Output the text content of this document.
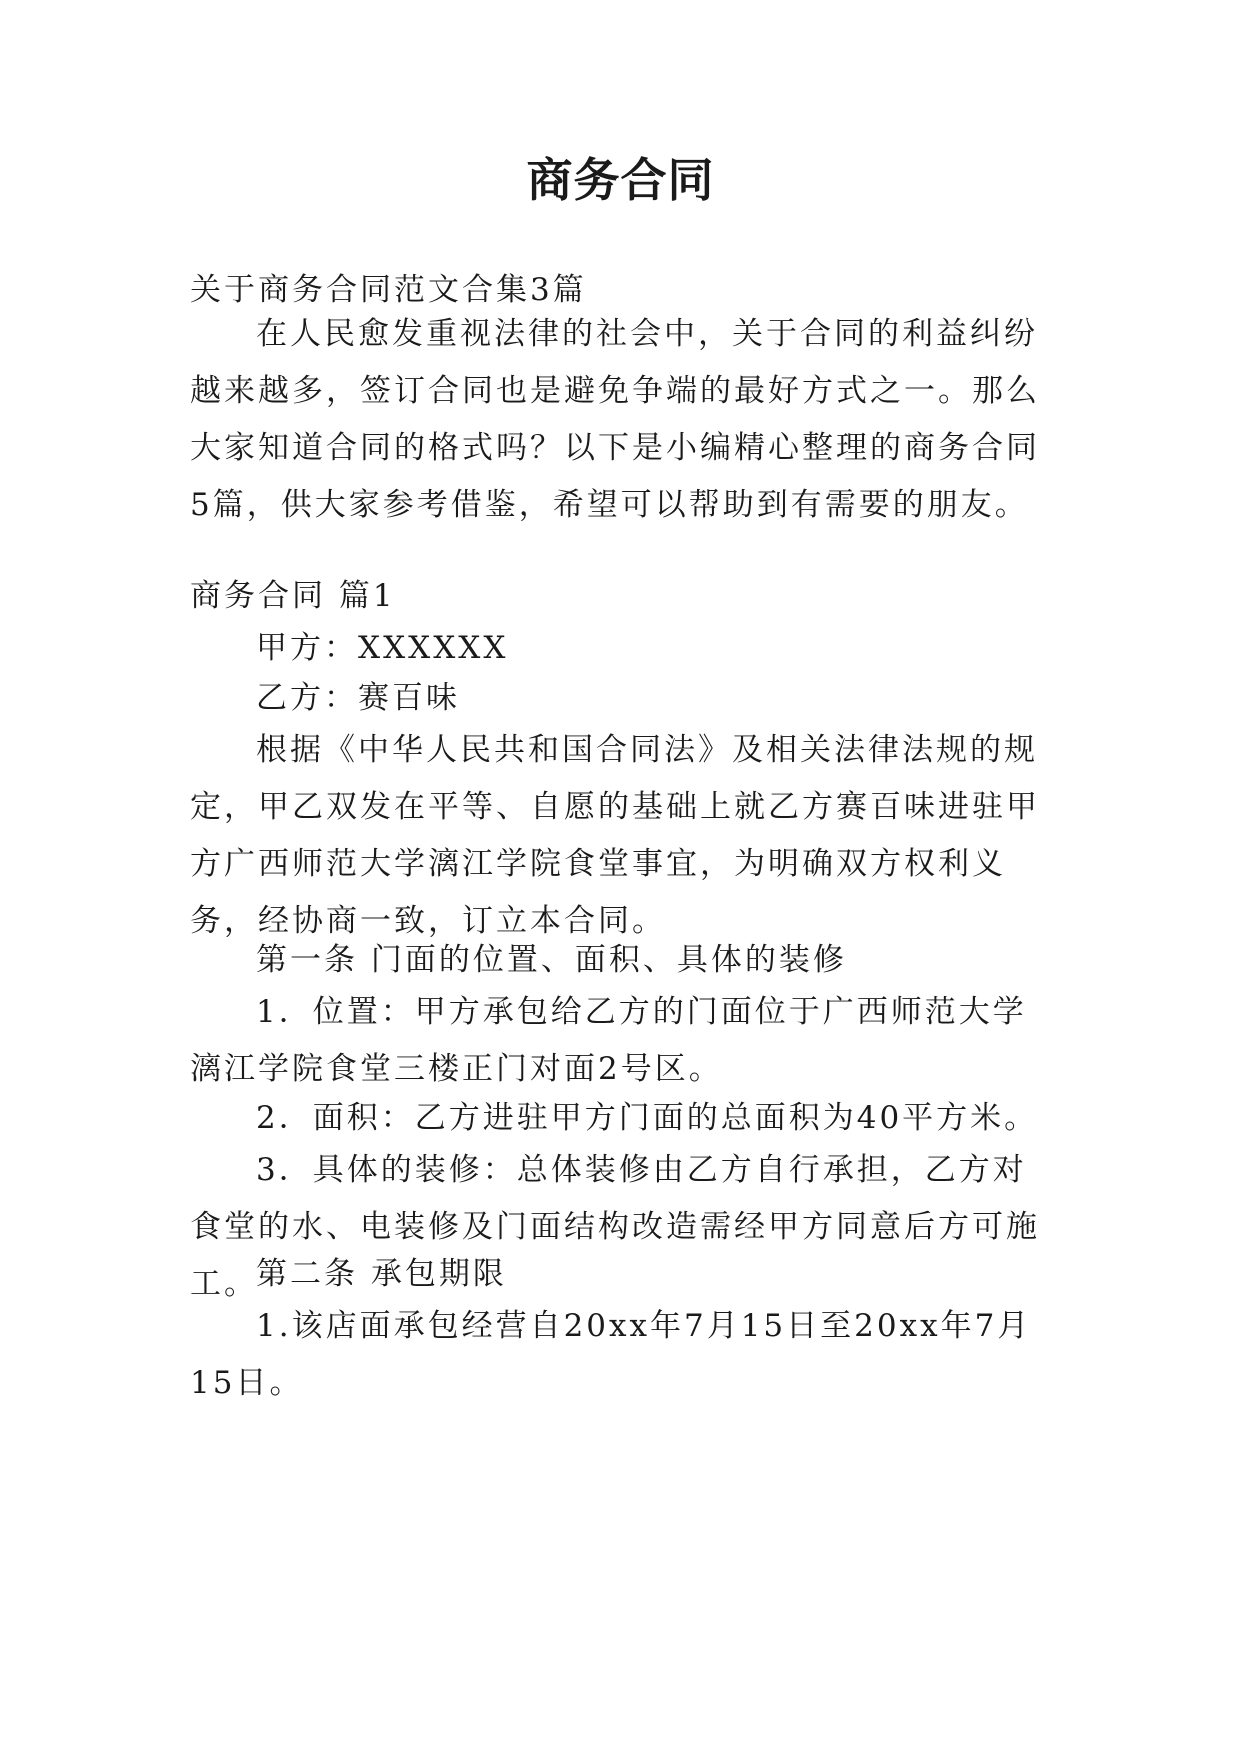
商务合同

关于商务合同范文合集3篇

在人民愈发重视法律的社会中，关于合同的利益纠纷越来越多，签订合同也是避免争端的最好方式之一。那么大家知道合同的格式吗？以下是小编精心整理的商务合同5篇，供大家参考借鉴，希望可以帮助到有需要的朋友。

商务合同 篇1

甲方：XXXXXX

乙方：赛百味

根据《中华人民共和国合同法》及相关法律法规的规定，甲乙双发在平等、自愿的基础上就乙方赛百味进驻甲方广西师范大学漓江学院食堂事宜，为明确双方权利义务，经协商一致，订立本合同。

第一条 门面的位置、面积、具体的装修

1．位置：甲方承包给乙方的门面位于广西师范大学漓江学院食堂三楼正门对面2号区。

2．面积：乙方进驻甲方门面的总面积为40平方米。

3．具体的装修：总体装修由乙方自行承担，乙方对食堂的水、电装修及门面结构改造需经甲方同意后方可施工。

第二条 承包期限

1.该店面承包经营自20xx年7月15日至20xx年7月15日。
